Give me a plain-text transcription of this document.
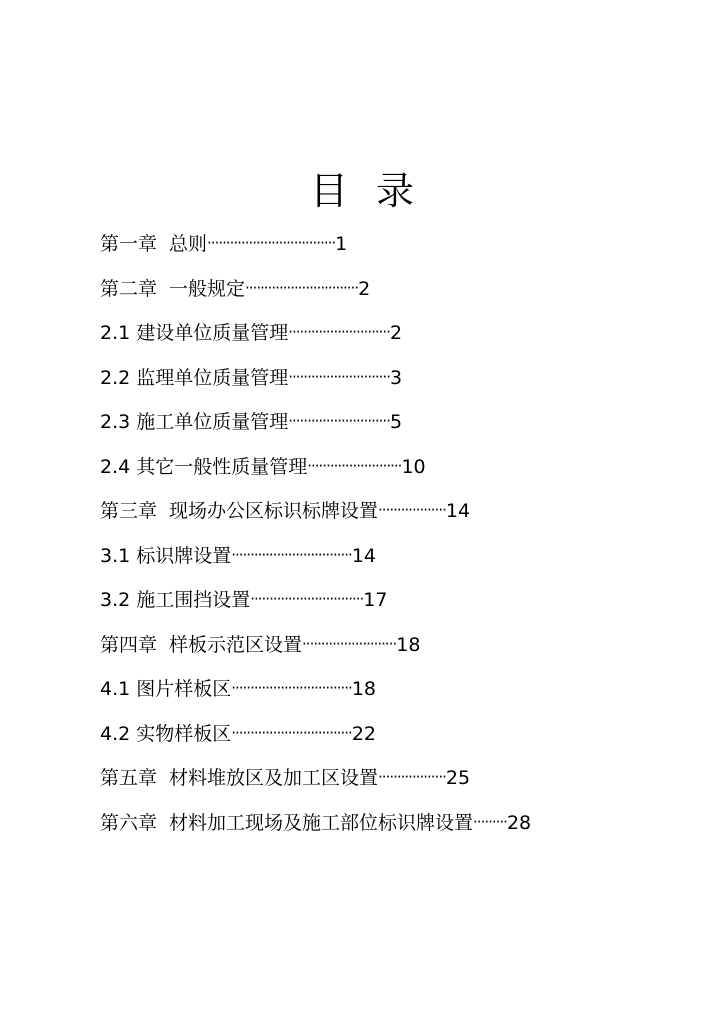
目 录
第一章 总则··································1
第二章 一般规定······························2
2.1 建设单位质量管理···························2
2.2 监理单位质量管理···························3
2.3 施工单位质量管理···························5
2.4 其它一般性质量管理·························10
第三章 现场办公区标识标牌设置··················14
3.1 标识牌设置································14
3.2 施工围挡设置······························17
第四章 样板示范区设置·························18
4.1 图片样板区································18
4.2 实物样板区································22
第五章 材料堆放区及加工区设置··················25
第六章 材料加工现场及施工部位标识牌设置·········28
